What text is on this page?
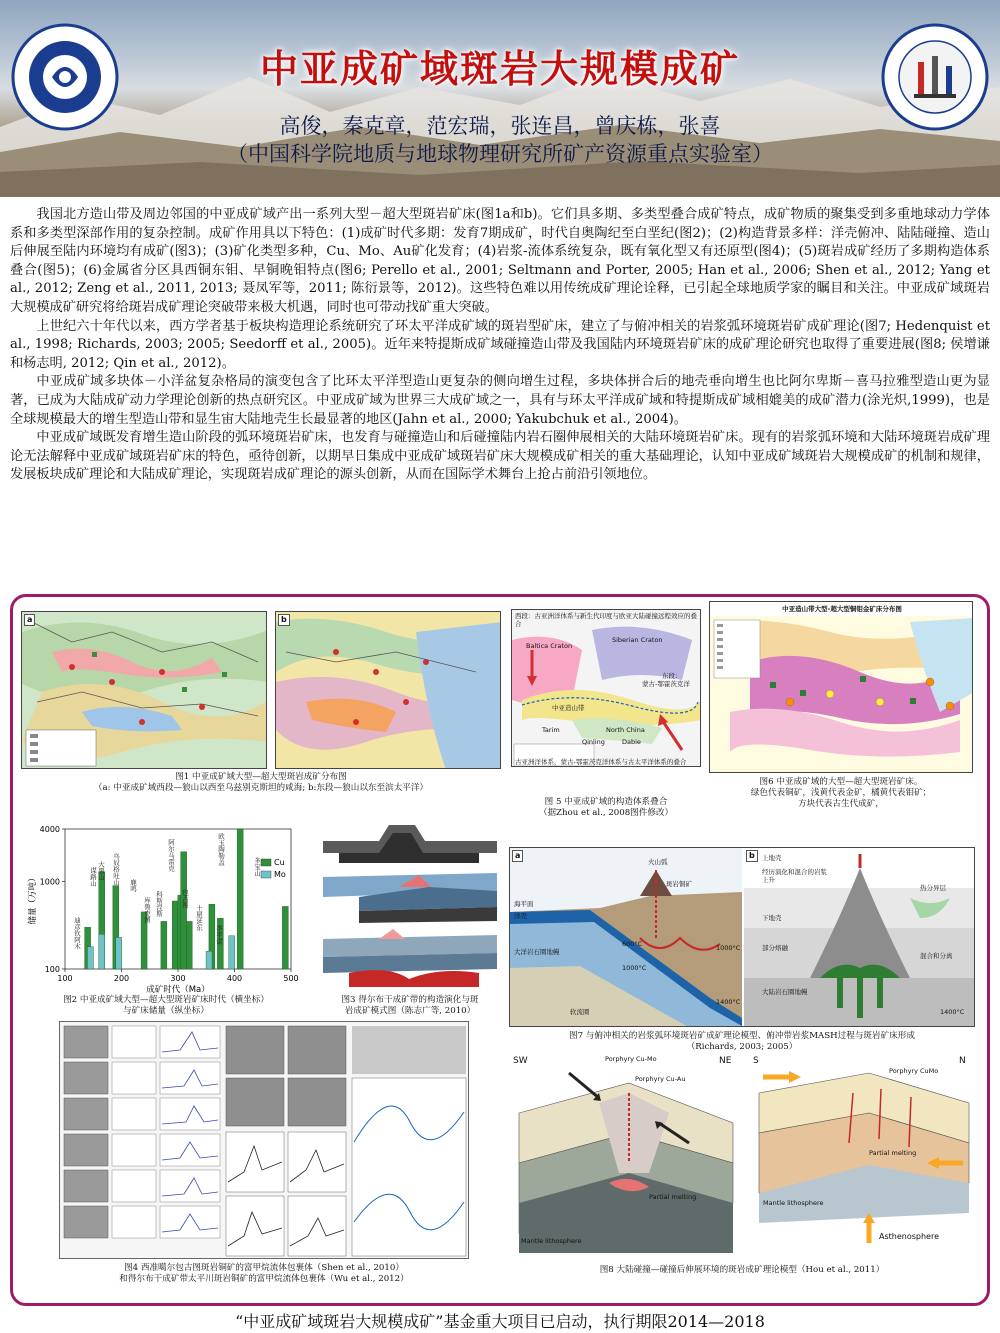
中亚成矿域斑岩大规模成矿
高俊，秦克章，范宏瑞，张连昌，曾庆栋，张喜
（中国科学院地质与地球物理研究所矿产资源重点实验室）

我国北方造山带及周边邻国的中亚成矿域产出一系列大型－超大型斑岩矿床(图1a和b)。它们具多期、多类型叠合成矿特点，成矿物质的聚集受到多重地球动力学体系和多类型深部作用的复杂控制。成矿作用具以下特色：(1)成矿时代多期：发育7期成矿，时代自奥陶纪至白垩纪(图2)；(2)构造背景多样：洋壳俯冲、陆陆碰撞、造山后伸展至陆内环境均有成矿(图3)；(3)矿化类型多种，Cu、Mo、Au矿化发育；(4)岩浆-流体系统复杂，既有氧化型又有还原型(图4)；(5)斑岩成矿经历了多期构造体系叠合(图5)；(6)金属省分区具西铜东钼、早铜晚钼特点(图6; Perello et al., 2001; Seltmann and Porter, 2005; Han et al., 2006; Shen et al., 2012; Yang et al., 2012; Zeng et al., 2011, 2013; 聂凤军等，2011; 陈衍景等，2012)。这些特色难以用传统成矿理论诠释，已引起全球地质学家的瞩目和关注。中亚成矿域斑岩大规模成矿研究将给斑岩成矿理论突破带来极大机遇，同时也可带动找矿重大突破。

上世纪六十年代以来，西方学者基于板块构造理论系统研究了环太平洋成矿域的斑岩型矿床，建立了与俯冲相关的岩浆弧环境斑岩矿成矿理论(图7; Hedenquist et al., 1998; Richards, 2003; 2005; Seedorff et al., 2005)。近年来特提斯成矿域碰撞造山带及我国陆内环境斑岩矿床的成矿理论研究也取得了重要进展(图8; 侯增谦和杨志明, 2012; Qin et al., 2012)。

中亚成矿域多块体－小洋盆复杂格局的演变包含了比环太平洋型造山更复杂的侧向增生过程，多块体拼合后的地壳垂向增生也比阿尔卑斯－喜马拉雅型造山更为显著，已成为大陆成矿动力学理论创新的热点研究区。中亚成矿域为世界三大成矿域之一，具有与环太平洋成矿域和特提斯成矿域相媲美的成矿潜力(涂光炽,1999)，也是全球规模最大的增生型造山带和显生宙大陆地壳生长最显著的地区(Jahn et al., 2000; Yakubchuk et al., 2004)。

中亚成矿域既发育增生造山阶段的弧环境斑岩矿床，也发育与碰撞造山和后碰撞陆内岩石圈伸展相关的大陆环境斑岩矿床。现有的岩浆弧环境和大陆环境斑岩成矿理论无法解释中亚成矿域斑岩矿床的特色，亟待创新，以期早日集成中亚成矿域斑岩矿床大规模成矿相关的重大基础理论，认知中亚成矿域斑岩大规模成矿的机制和规律，发展板块成矿理论和大陆成矿理论，实现斑岩成矿理论的源头创新，从而在国际学术舞台上抢占前沿引领地位。

a	b
图1 中亚成矿域大型—超大型斑岩成矿分布图
（a: 中亚成矿域西段—狼山以西至乌兹别克斯坦的咸海; b:东段—狼山以东至滨太平洋）
西段：古亚洲洋体系与新生代印度与欧亚大陆碰撞远程效应的叠合
Baltica Craton
Siberian Craton
中亚造山带
Tarim	North China
Qinling	Dabie
蒙古-鄂霍茨克洋
东段：
古亚洲洋体系，蒙古-鄂霍茨克洋体系与古太平洋体系的叠合
图 5 中亚成矿域的构造体系叠合
（据Zhou et al., 2008图件修改）
中亚造山带大型-超大型铜钼金矿床分布图
图6 中亚成矿域的大型—超大型斑岩矿床。
绿色代表铜矿，浅黄代表金矿，橘黄代表钼矿；
方块代表古生代成矿，
100
1000
4000
100	200	300	400	500
Cu
Mo
成矿时代（Ma）
储量（万吨）
欧玉陶勒盖
阿尔马雷克
乌奴格吐山
谋路山	鹿鸣
库鲁克图 科斯涅斯
土屋延东
包古图
季平诺
多宝山
迪彦钦阿木
大黑山
图2 中亚成矿域大型—超大型斑岩矿床时代（横坐标）
与矿床储量（纵坐标）
图3 得尔布干成矿带的构造演化与斑
岩成矿模式图（陈志广等, 2010）
a	b
火山弧
海平面
洋壳
斑岩铜矿
大洋岩石圈地幔
软流圈
600°C
1000°C
1000°C
1400°C
上地壳
经历演化和混合的岩浆上升
热分异层
下地壳
部分熔融
混合和分离
大陆岩石圈地幔
1400°C
图7 与俯冲相关的岩浆弧环境斑岩矿成矿理论模型、俯冲带岩浆MASH过程与斑岩矿床形成
（Richards, 2003; 2005）
图4 西准噶尔包古图斑岩铜矿的富甲烷流体包裹体（Shen et al., 2010）
和得尔布干成矿带太平川斑岩铜矿的富甲烷流体包裹体（Wu et al., 2012）
SW	NE
Porphyry Cu-Mo
Porphyry Cu-Au
Mantle lithosphere
Partial melting
S	N
Porphyry CuMo
Partial melting
Mantle lithosphere
Asthenosphere
图8 大陆碰撞—碰撞后伸展环境的斑岩成矿理论模型（Hou et al., 2011）
“中亚成矿域斑岩大规模成矿”基金重大项目已启动，执行期限2014—2018
